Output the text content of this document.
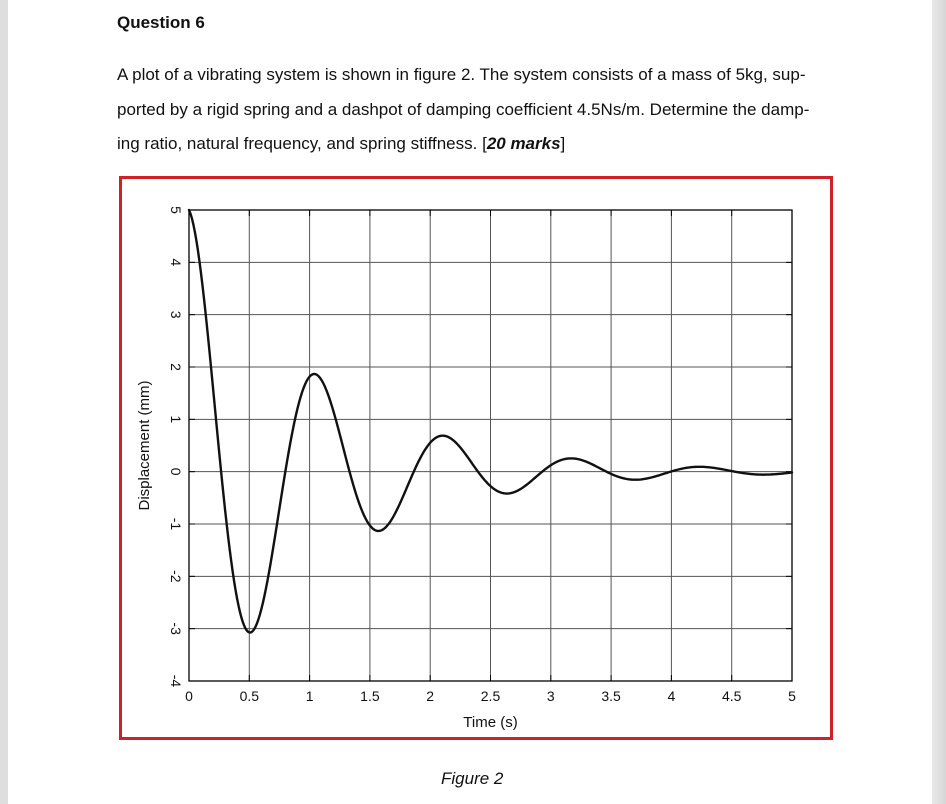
Question 6
A plot of a vibrating system is shown in figure 2. The system consists of a mass of 5kg, sup-
ported by a rigid spring and a dashpot of damping coefficient 4.5Ns/m. Determine the damp-
ing ratio, natural frequency, and spring stiffness. [20 marks]
0	0.5	1	1.5	2	2.5	3	3.5	4	4.5	5
-4
-3
-2
-1
0
1
2
3
4
5
Time (s)
Displacement (mm)
Figure 2
